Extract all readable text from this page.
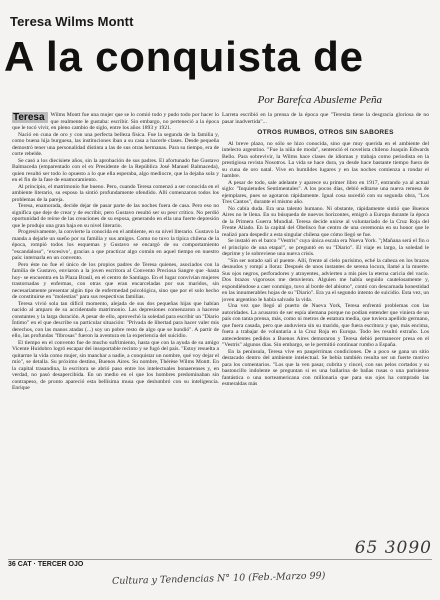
Teresa Wilms Montt
A la conquista de
Por Barefca Abusleme Peña
Teresa	Wilms Montt fue una mujer que se lo comió todo y pudo todo por hacer lo que realmente le gustaba: escribir. Sin embargo, no perteneció a la época que le tocó vivir, en pleno cambio de siglo, entre los años 1893 y 1921.

Nació en cuna de oro y con una perfecta belleza física. Fue la segunda de la familia y, como buena hija burguesa, las instituciones iban a su casa a hacerle clases. Desde pequeña demostró tener una personalidad distinta a las de sus otras hermanas. Para su tiempo, era de corte rebelde.

Se casó a los diecisiete años, sin la aprobación de sus padres. El afortunado fue Gustavo Balmaceda (emparentado con el ex Presidente de la República José Manuel Balmaceda), quien resultó ser todo lo opuesto a lo que ella esperaba, algo mediocre, que la dejaba sola y en el fin de la fase de enamoramiento.

Al principio, el matrimonio fue bueno. Pero, cuando Teresa comenzó a ser conocida en el ambiente literario, su esposo la sintió profundamente ofendido. Allí comenzaron todos los problemas de la pareja.

Teresa, enamorada, decide dejar de pasar parte de las noches fuera de casa. Pero eso no significa que deje de crear y de escribir, pero Gustavo resultó ser su peor crítico. No perdió oportunidad de reírse de las creaciones de su esposa, generando en ella una fuerte depresión que le produjo una gran baja en su nivel literario.

Progresivamente, la convierte la conocida en el ambiente, en su nivel literario. Gustavo la manda a dejarle un sueño por su familia y sus amigos. Como no tuvo la típica chilena de la época, rompió todos los esquemas y Gustavo se encargó de su comportamiento "escandaloso", ‘excesivo’, gracias a que practicar algo común en aquel tiempo en nuestro país: internarla en un convento.

Pero éste no fue el único de los propios padres de Teresa quienes, asociados con la familia de Gustavo, enviaron a la joven escritora al Convento Preciosa Sangre que -hasta hoy- se encuentra en la Plaza Brasil, en el centro de Santiago. En el lugar convivían mujeres trastornadas y enfermas, con otras que eran encarceladas por sus maridos, sin necesariamente presentar algún tipo de enfermedad psicológica, sino que por el solo hecho de constituirse en "molestias" para sus respectivas familias.

Teresa vivió sola tan difícil momento, alejada de sus dos pequeñas hijas que habían nacido al amparo de su accidentado matrimonio. Las depresiones comenzaron a hacerse constantes y la larga duración. A pesar de ello, aprovechó la soledad para escribir un "Diario Íntimo" en el que describe su particular situación: "Privada de libertad para hacer valer mis derechos, con las manos atadas (...) soy un pobre resto de algo que se hundió". A partir de ello, las profundas "fibrosas" fueron la aventura en la experiencia del suicidio.

El tiempo en el convento fue de mucho sufrimiento, hasta que con la ayuda de su amigo Vicente Huidobro logró escapar del insoportable recinto y se fugó del país. "Estoy resuelta a quitarme la vida como mujer, sin manchar a nadie, a conquistar un nombre, qué voy dejar el mío", se detalla. Su próximo destino, Buenos Aires. Su nombre, Thérèse Wilms Montt. En la capital trasandina, la escritora se abrió paso entre los intelectuales bonaerenses y, en verdad, no pasó desapercibida. En un medio en el que los hombres predominaban sin contrapeso, de pronto apareció esta bellísima musa que deslumbró con su inteligencia. Enrique

Larreta escribió en la prensa de la época que "Teresita tiene la desgracia gloriosa de no pasar inadvertida"...

OTROS RUMBOS, OTROS SIN SABORES

Al breve plazo, no sólo se hizo conocida, sino que muy querida en el ambiente del intelecto argentino. "Fue la niña de moda", sentenció el novelista chileno Joaquín Edwards Bello. Para sobrevivir, la Wilms hace clases de idiomas y trabaja como periodista en la prestigiosa revista Nosotros. La vida se hace dura, ya desde hace bastante tiempo fuera de su cuna de oro natal. Vive en humildes lugares y en las noches comienza a rondar el hambre.

A pesar de todo, sale adelante y aparece su primer libro en 1917, entrando ya al actual siglo: "Inquietudes Sentimentales". A los pocos días, debió editarse una nueva remesa de ejemplares, pues se agotaron rápidamente. Igual cosa sucedió con su segunda obra, "Los Tres Cantos", durante el mismo año.

No cabía duda. Era una talento humano. Ni obstante, rápidamente sintió que Buenos Aires no le llena. En su búsqueda de nuevos horizontes, emigró a Europa durante la época de la Primera Guerra Mundial. Teresa decide unirse al voluntariado de la Cruz Roja del Frente Aliado. En la capital del Obelisco fue centro de una ceremonia en su honor que le realizó para despedir a esta singular chilena que cómo llegó se fue.

Se instaló en el barco "Vestris" cuya única escala era Nueva York. "¡Mañana será el fin o el principio de una etapa!", se preguntó en su "Diario". El viaje es largo, la soledad le deprime y le sobreviene una nueva crisis.

"Sin ser notado salí al puente. Allí, frente al cielo purísimo, eché la cabeza en los brazos desnudos y rompí a llorar. Después de unos instantes de serena locura, llamé a la muerte. Sus ojos negros, perforadores y atrayentes, advierten a mis pies la eterna caricia del vacío. Dos brazos vigorosos me detuvieron. Alguien me había seguido cautelosamente y, expondiéndose a caer conmigo, tuvo al borde del abismo", contó con descarnada honestidad en las innumerables hojas de su "Diario". Era ya el segundo intento de suicidio. Esta vez, un joven argentino le había salvado la vida.

Una vez que llegó al puerto de Nueva York, Teresa enfrentó problemas con las autoridades. La acusaron de ser espía alemana porque no podían entender que viniera de un país con tanta prensa, más, como ni metros de estatura media, que tuviera apellido germano, que fuera casada, pero que anduviera sin su marido, que fuera escritora y que, más encima, fuera a trabajar de voluntaria a la Cruz Roja en Europa. Todo les resultó extraño. Los antecedentes pedidos a Buenos Aires demoraron y Teresa debió permanecer presa en el "Vestris" algunos días. Sin embargo, se le permitió continuar rumbo a España.

En la península, Teresa vive en paupérrimas condiciones. De a poco se gana un sitio destacado dentro del ambiente intelectual. Se bebía también resulta ser un fuerte motivo para los comentarios. "Los que la ven pasar, cubrita y cincel, con sus pelos cortados y su bastoncillo indolente se preguntan si es una bailarina de bañas rusas o una parisiense fantástica o una norteamericana con millonaria que para sus ojos ha comprado las esmeraldas más

36 CAT · TERCER OJO
65 3090
Cultura y Tendencias N° 10 (Feb.-Marzo 99)
